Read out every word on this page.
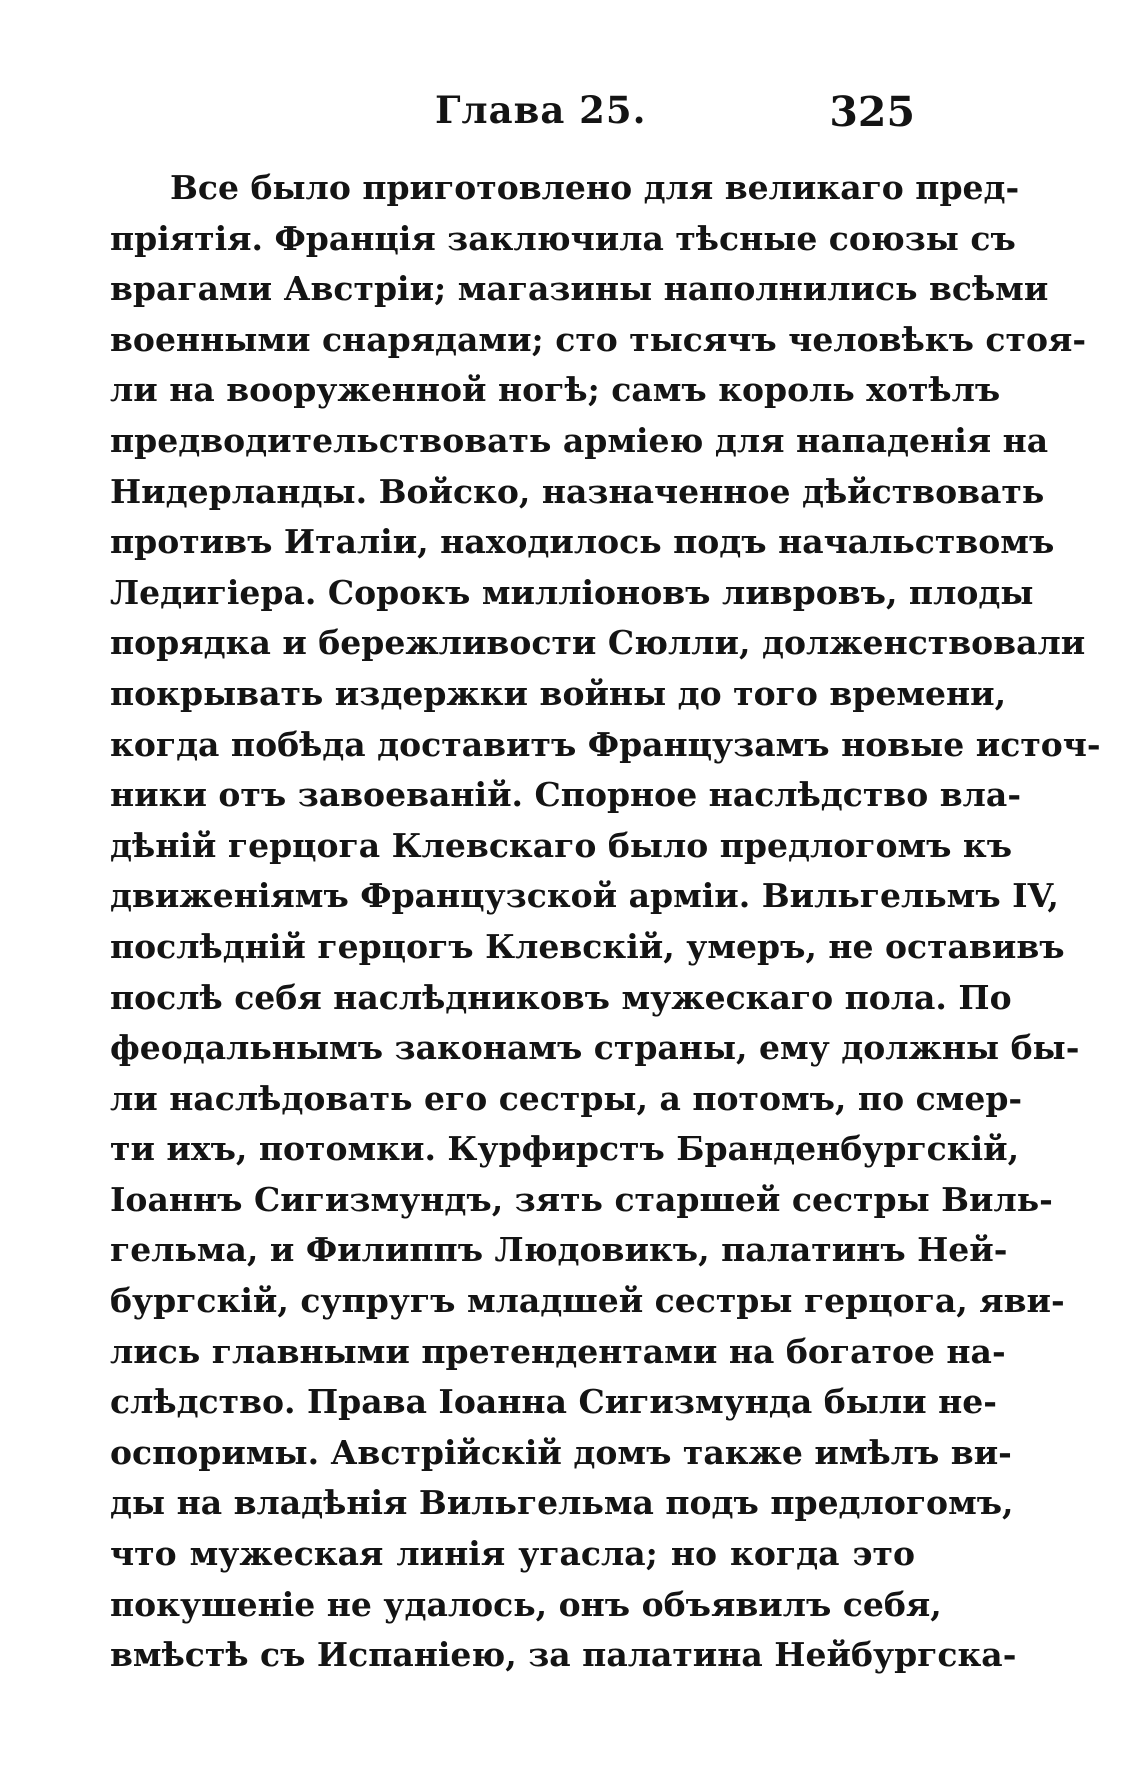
Глава 25.	325
Все было приготовлено для великаго пред-
пріятія. Франція заключила тѣсные союзы съ
врагами Австріи; магазины наполнились всѣми
военными снарядами; сто тысячъ человѣкъ стоя-
ли на вооруженной ногѣ; самъ король хотѣлъ
предводительствовать арміею для нападенія на
Нидерланды. Войско, назначенное дѣйствовать
противъ Италіи, находилось подъ начальствомъ
Ледигіера. Сорокъ милліоновъ ливровъ, плоды
порядка и бережливости Сюлли, долженствовали
покрывать издержки войны до того времени,
когда побѣда доставитъ Французамъ новые источ-
ники отъ завоеваній. Спорное наслѣдство вла-
дѣній герцога Клевскаго было предлогомъ къ
движеніямъ Французской арміи. Вильгельмъ IV,
послѣдній герцогъ Клевскій, умеръ, не оставивъ
послѣ себя наслѣдниковъ мужескаго пола. По
феодальнымъ законамъ страны, ему должны бы-
ли наслѣдовать его сестры, а потомъ, по смер-
ти ихъ, потомки. Курфирстъ Бранденбургскій,
Іоаннъ Сигизмундъ, зять старшей сестры Виль-
гельма, и Филиппъ Людовикъ, палатинъ Ней-
бургскій, супругъ младшей сестры герцога, яви-
лись главными претендентами на богатое на-
слѣдство. Права Іоанна Сигизмунда были не-
оспоримы. Австрійскій домъ также имѣлъ ви-
ды на владѣнія Вильгельма подъ предлогомъ,
что мужеская линія угасла; но когда это
покушеніе не удалось, онъ объявилъ себя,
вмѣстѣ съ Испаніею, за палатина Нейбургска-
